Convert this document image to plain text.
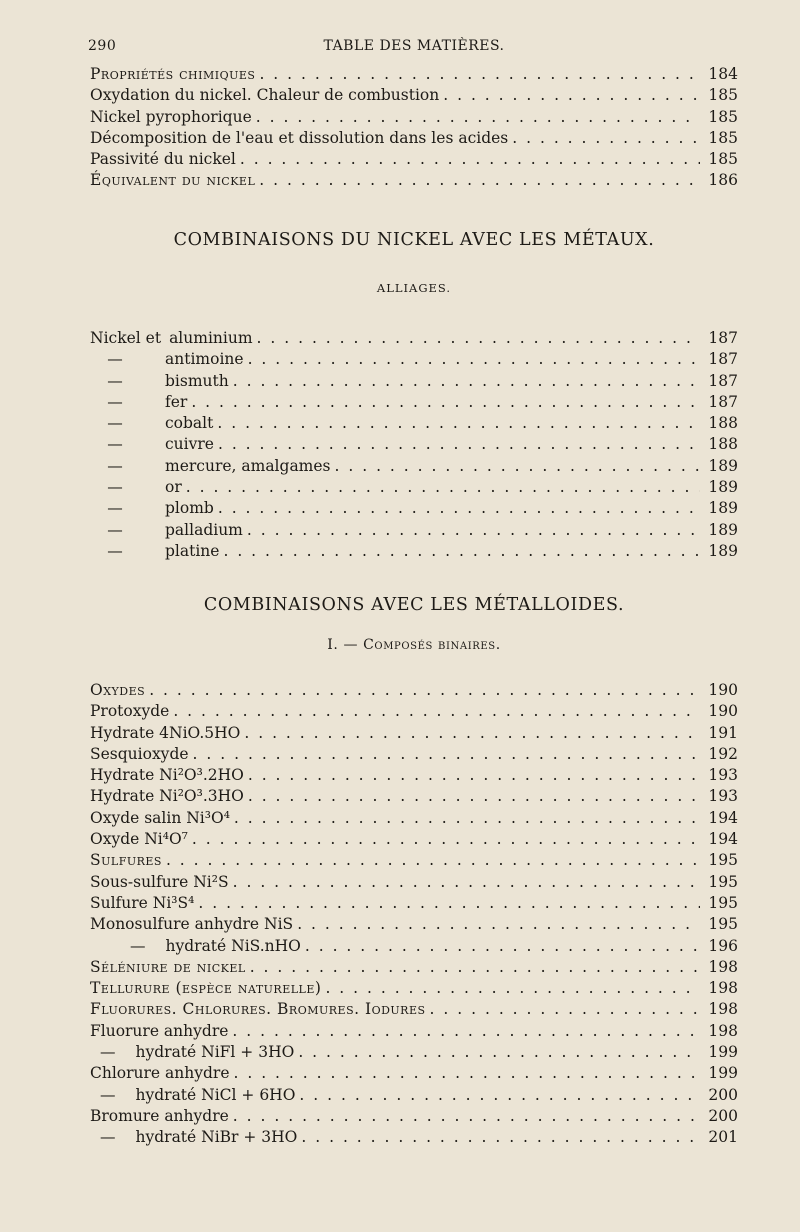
290	TABLE DES MATIÈRES.
Propriétés chimiques . . .	184
Oxydation du nickel. Chaleur de combustion . . .	185
Nickel pyrophorique . . .	185
Décomposition de l'eau et dissolution dans les acides . . .	185
Passivité du nickel . . .	185
Équivalent du nickel . . .	186
COMBINAISONS DU NICKEL AVEC LES MÉTAUX.
ALLIAGES.
Nickel et aluminium . . .	187
—	antimoine . . .	187
—	bismuth . . .	187
—	fer . . .	187
—	cobalt . . .	188
—	cuivre . . .	188
—	mercure, amalgames . . .	189
—	or . . .	189
—	plomb . . .	189
—	palladium . . .	189
—	platine . . .	189
COMBINAISONS AVEC LES MÉTALLOIDES.
I. — Composés binaires.
Oxydes . . .	190
Protoxyde . . .	190
Hydrate 4NiO.5HO . . .	191
Sesquioxyde . . .	192
Hydrate Ni²O³.2HO . . .	193
Hydrate Ni²O³.3HO . . .	193
Oxyde salin Ni³O⁴ . . .	194
Oxyde Ni⁴O⁷ . . .	194
Sulfures . . .	195
Sous-sulfure Ni²S . . .	195
Sulfure Ni³S⁴ . . .	195
Monosulfure anhydre NiS . . .	195
— hydraté NiS.nHO . . .	196
Séléniure de nickel . . .	198
Tellurure (espèce naturelle) . . .	198
Fluorures. Chlorures. Bromures. Iodures . . .	198
Fluorure anhydre . . .	198
— hydraté NiFl + 3HO . . .	199
Chlorure anhydre . . .	199
— hydraté NiCl + 6HO . . .	200
Bromure anhydre . . .	200
— hydraté NiBr + 3HO . . .	201
